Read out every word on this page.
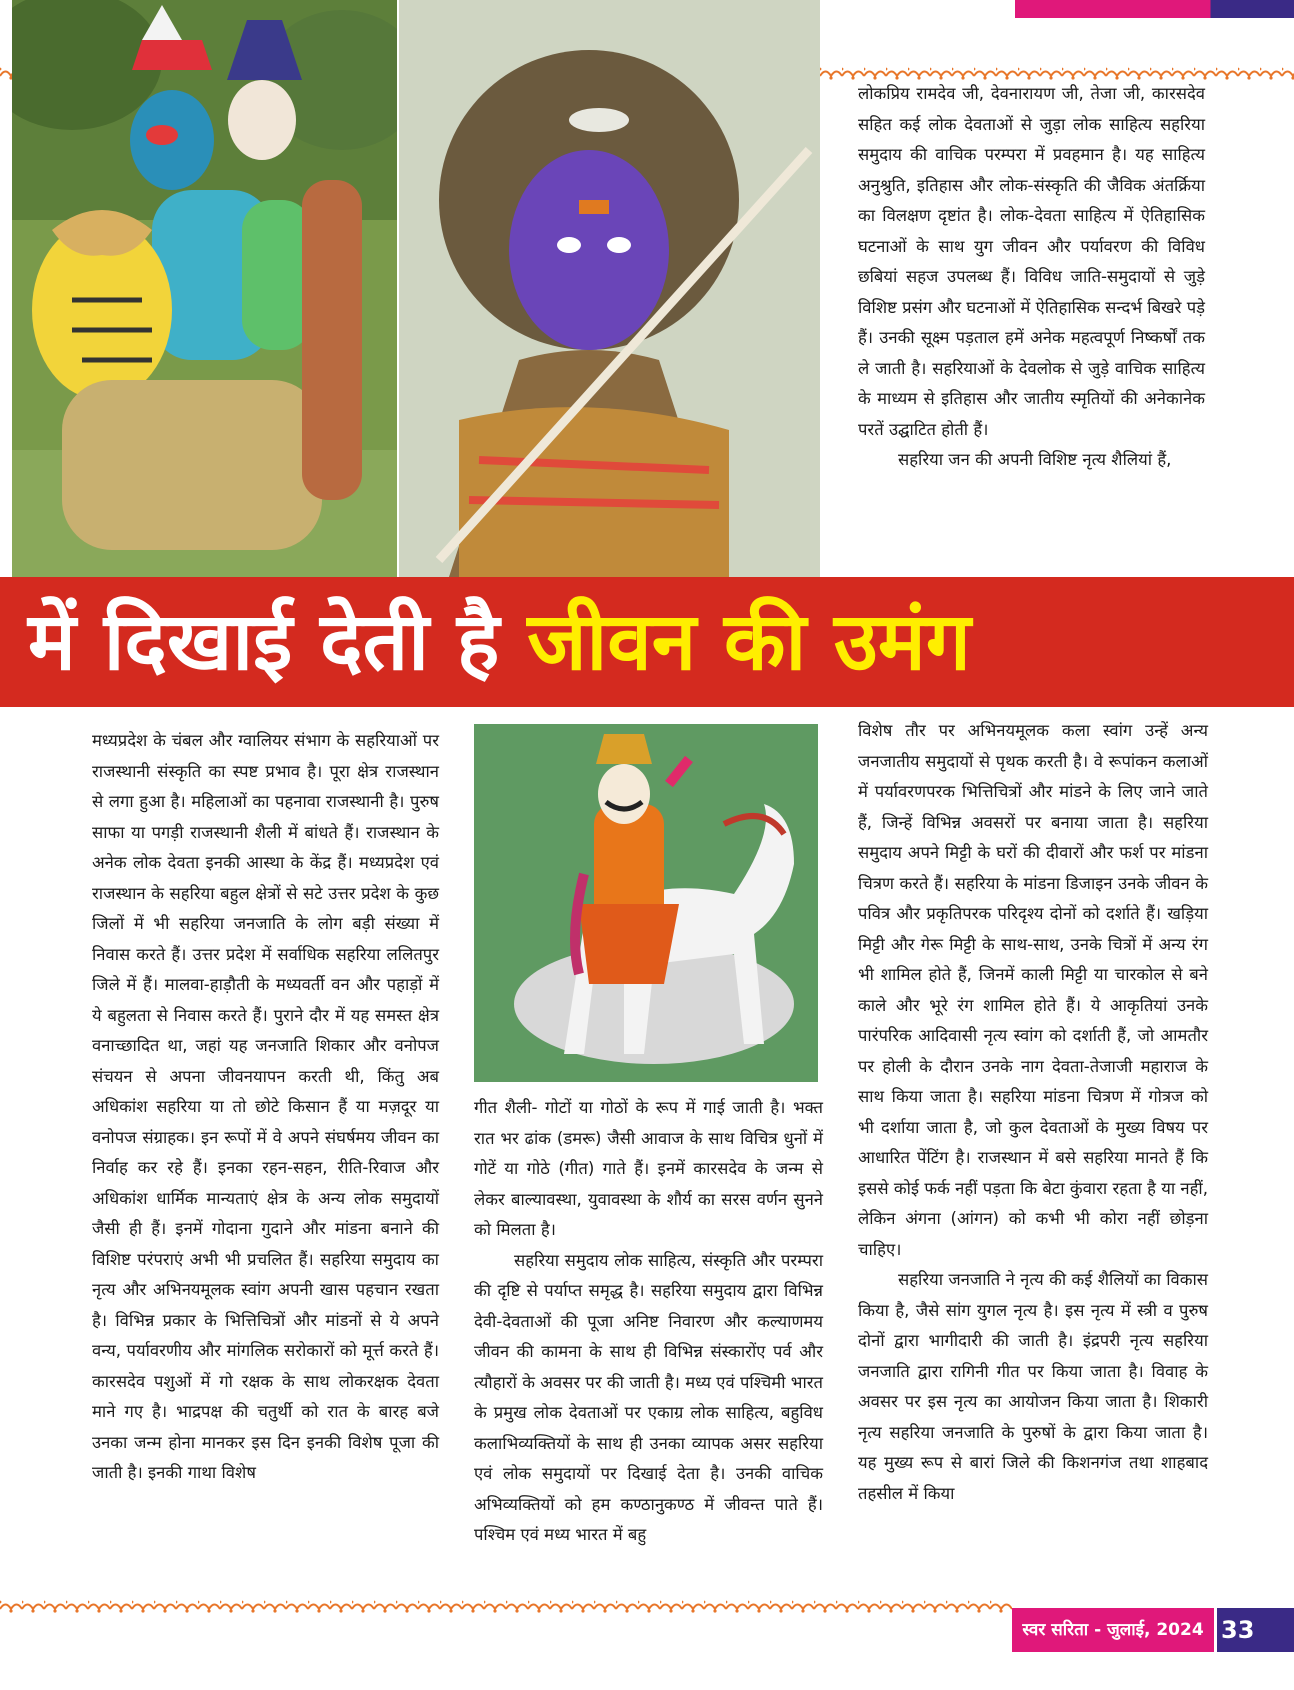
लोकप्रिय रामदेव जी, देवनारायण जी, तेजा जी, कारसदेव सहित कई लोक देवताओं से जुड़ा लोक साहित्य सहरिया समुदाय की वाचिक परम्परा में प्रवहमान है। यह साहित्य अनुश्रुति, इतिहास और लोक-संस्कृति की जैविक अंतर्क्रिया का विलक्षण दृष्टांत है। लोक-देवता साहित्य में ऐतिहासिक घटनाओं के साथ युग जीवन और पर्यावरण की विविध छबियां सहज उपलब्ध हैं। विविध जाति-समुदायों से जुड़े विशिष्ट प्रसंग और घटनाओं में ऐतिहासिक सन्दर्भ बिखरे पड़े हैं। उनकी सूक्ष्म पड़ताल हमें अनेक महत्वपूर्ण निष्कर्षों तक ले जाती है। सहरियाओं के देवलोक से जुड़े वाचिक साहित्य के माध्यम से इतिहास और जातीय स्मृतियों की अनेकानेक परतें उद्घाटित होती हैं।

सहरिया जन की अपनी विशिष्ट नृत्य शैलियां हैं,

में दिखाई देती है जीवन की उमंग

मध्यप्रदेश के चंबल और ग्वालियर संभाग के सहरियाओं पर राजस्थानी संस्कृति का स्पष्ट प्रभाव है। पूरा क्षेत्र राजस्थान से लगा हुआ है। महिलाओं का पहनावा राजस्थानी है। पुरुष साफा या पगड़ी राजस्थानी शैली में बांधते हैं। राजस्थान के अनेक लोक देवता इनकी आस्था के केंद्र हैं। मध्यप्रदेश एवं राजस्थान के सहरिया बहुल क्षेत्रों से सटे उत्तर प्रदेश के कुछ जिलों में भी सहरिया जनजाति के लोग बड़ी संख्या में निवास करते हैं। उत्तर प्रदेश में सर्वाधिक सहरिया ललितपुर जिले में हैं। मालवा-हाड़ौती के मध्यवर्ती वन और पहाड़ों में ये बहुलता से निवास करते हैं। पुराने दौर में यह समस्त क्षेत्र वनाच्छादित था, जहां यह जनजाति शिकार और वनोपज संचयन से अपना जीवनयापन करती थी, किंतु अब अधिकांश सहरिया या तो छोटे किसान हैं या मज़दूर या वनोपज संग्राहक। इन रूपों में वे अपने संघर्षमय जीवन का निर्वाह कर रहे हैं। इनका रहन-सहन, रीति-रिवाज और अधिकांश धार्मिक मान्यताएं क्षेत्र के अन्य लोक समुदायों जैसी ही हैं। इनमें गोदाना गुदाने और मांडना बनाने की विशिष्ट परंपराएं अभी भी प्रचलित हैं। सहरिया समुदाय का नृत्य और अभिनयमूलक स्वांग अपनी खास पहचान रखता है। विभिन्न प्रकार के भित्तिचित्रों और मांडनों से ये अपने वन्य, पर्यावरणीय और मांगलिक सरोकारों को मूर्त्त करते हैं। कारसदेव पशुओं में गो रक्षक के साथ लोकरक्षक देवता माने गए है। भाद्रपक्ष की चतुर्थी को रात के बारह बजे उनका जन्म होना मानकर इस दिन इनकी विशेष पूजा की जाती है। इनकी गाथा विशेष

गीत शैली- गोटों या गोठों के रूप में गाई जाती है। भक्त रात भर ढांक (डमरू) जैसी आवाज के साथ विचित्र धुनों में गोटें या गोठे (गीत) गाते हैं। इनमें कारसदेव के जन्म से लेकर बाल्यावस्था, युवावस्था के शौर्य का सरस वर्णन सुनने को मिलता है।

सहरिया समुदाय लोक साहित्य, संस्कृति और परम्परा की दृष्टि से पर्याप्त समृद्ध है। सहरिया समुदाय द्वारा विभिन्न देवी-देवताओं की पूजा अनिष्ट निवारण और कल्याणमय जीवन की कामना के साथ ही विभिन्न संस्कारोंए पर्व और त्यौहारों के अवसर पर की जाती है। मध्य एवं पश्चिमी भारत के प्रमुख लोक देवताओं पर एकाग्र लोक साहित्य, बहुविध कलाभिव्यक्तियों के साथ ही उनका व्यापक असर सहरिया एवं लोक समुदायों पर दिखाई देता है। उनकी वाचिक अभिव्यक्तियों को हम कण्ठानुकण्ठ में जीवन्त पाते हैं। पश्चिम एवं मध्य भारत में बहु

विशेष तौर पर अभिनयमूलक कला स्वांग उन्हें अन्य जनजातीय समुदायों से पृथक करती है। वे रूपांकन कलाओं में पर्यावरणपरक भित्तिचित्रों और मांडने के लिए जाने जाते हैं, जिन्हें विभिन्न अवसरों पर बनाया जाता है। सहरिया समुदाय अपने मिट्टी के घरों की दीवारों और फर्श पर मांडना चित्रण करते हैं। सहरिया के मांडना डिजाइन उनके जीवन के पवित्र और प्रकृतिपरक परिदृश्य दोनों को दर्शाते हैं। खड़िया मिट्टी और गेरू मिट्टी के साथ-साथ, उनके चित्रों में अन्य रंग भी शामिल होते हैं, जिनमें काली मिट्टी या चारकोल से बने काले और भूरे रंग शामिल होते हैं। ये आकृतियां उनके पारंपरिक आदिवासी नृत्य स्वांग को दर्शाती हैं, जो आमतौर पर होली के दौरान उनके नाग देवता-तेजाजी महाराज के साथ किया जाता है। सहरिया मांडना चित्रण में गोत्रज को भी दर्शाया जाता है, जो कुल देवताओं के मुख्य विषय पर आधारित पेंटिंग है। राजस्थान में बसे सहरिया मानते हैं कि इससे कोई फर्क नहीं पड़ता कि बेटा कुंवारा रहता है या नहीं, लेकिन अंगना (आंगन) को कभी भी कोरा नहीं छोड़ना चाहिए।

सहरिया जनजाति ने नृत्य की कई शैलियों का विकास किया है, जैसे सांग युगल नृत्य है। इस नृत्य में स्त्री व पुरुष दोनों द्वारा भागीदारी की जाती है। इंद्रपरी नृत्य सहरिया जनजाति द्वारा रागिनी गीत पर किया जाता है। विवाह के अवसर पर इस नृत्य का आयोजन किया जाता है। शिकारी नृत्य सहरिया जनजाति के पुरुषों के द्वारा किया जाता है। यह मुख्य रूप से बारां जिले की किशनगंज तथा शाहबाद तहसील में किया

स्वर सरिता - जुलाई, 2024 33
